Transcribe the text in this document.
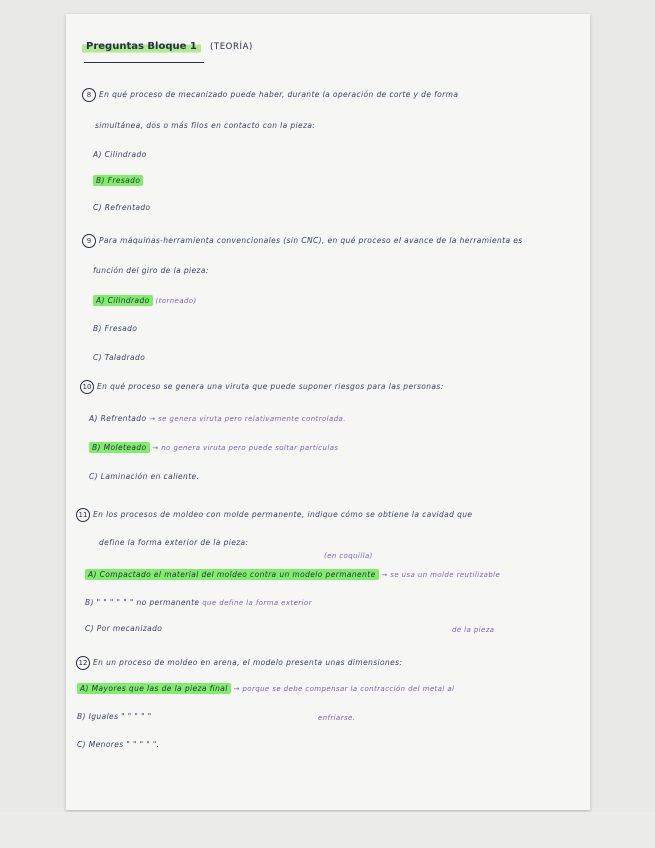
Preguntas Bloque 1	(TEORÍA)
8	En qué proceso de mecanizado puede haber, durante la operación de corte y de forma
simultánea, dos o más filos en contacto con la pieza:
A) Cilindrado
B) Fresado
C) Refrentado
9	Para máquinas-herramienta convencionales (sin CNC), en qué proceso el avance de la herramienta es
función del giro de la pieza:
A) Cilindrado (torneado)
B) Fresado
C) Taladrado
10 En qué proceso se genera una viruta que puede suponer riesgos para las personas:
A) Refrentado → se genera viruta pero relativamente controlada.
B) Moleteado → no genera viruta pero puede soltar partículas
C) Laminación en caliente.
11 En los procesos de moldeo con molde permanente, indique cómo se obtiene la cavidad que
define la forma exterior de la pieza:
(en coquilla)
A) Compactado el material del moldeo contra un modelo permanente → se usa un molde reutilizable
B) " " " " " " no permanente que define la forma exterior
C) Por mecanizado	de la pieza
12 En un proceso de moldeo en arena, el modelo presenta unas dimensiones:
A) Mayores que las de la pieza final → porque se debe compensar la contracción del metal al
enfriarse.
B) Iguales " " " " "
C) Menores " " " " ".
